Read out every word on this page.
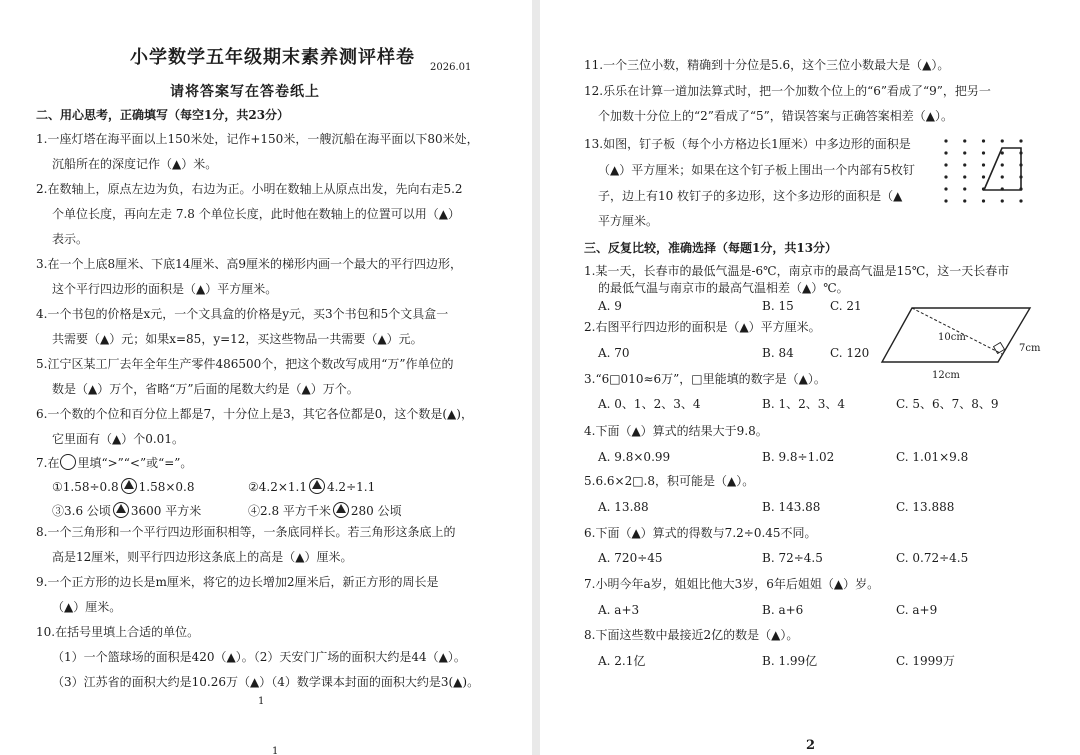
小学数学五年级期末素养测评样卷 2026.01
请将答案写在答卷纸上
二、用心思考，正确填写（每空1分，共23分）
1.一座灯塔在海平面以上150米处，记作+150米，一艘沉船在海平面以下80米处，
沉船所在的深度记作（▲）米。
2.在数轴上，原点左边为负，右边为正。小明在数轴上从原点出发，先向右走5.2
个单位长度，再向左走 7.8 个单位长度，此时他在数轴上的位置可以用（▲）
表示。
3.在一个上底8厘米、下底14厘米、高9厘米的梯形内画一个最大的平行四边形，
这个平行四边形的面积是（▲）平方厘米。
4.一个书包的价格是x元，一个文具盒的价格是y元，买3个书包和5个文具盒一
共需要（▲）元；如果x=85，y=12，买这些物品一共需要（▲）元。
5.江宁区某工厂去年全年生产零件486500个，把这个数改写成用“万”作单位的
数是（▲）万个，省略“万”后面的尾数大约是（▲）万个。
6.一个数的个位和百分位上都是7，十分位上是3，其它各位都是0，这个数是(▲)，
它里面有（▲）个0.01。
7.在 里填“>”“<”或“=”。
①1.58÷0.8 1.58×0.8	②4.2×1.1 4.2÷1.1
③3.6 公顷 3600 平方米	④2.8 平方千米 280 公顷
8.一个三角形和一个平行四边形面积相等，一条底同样长。若三角形这条底上的
高是12厘米，则平行四边形这条底上的高是（▲）厘米。
9.一个正方形的边长是m厘米，将它的边长增加2厘米后，新正方形的周长是
（▲）厘米。
10.在括号里填上合适的单位。
（1）一个篮球场的面积是420（▲）。（2）天安门广场的面积大约是44（▲）。
（3）江苏省的面积大约是10.26万（▲）（4）数学课本封面的面积大约是3(▲)。
1
1
11.一个三位小数，精确到十分位是5.6，这个三位小数最大是（▲）。
12.乐乐在计算一道加法算式时，把一个加数个位上的“6”看成了“9”，把另一
个加数十分位上的“2”看成了“5”，错误答案与正确答案相差（▲）。
13.如图，钉子板（每个小方格边长1厘米）中多边形的面积是
（▲）平方厘米；如果在这个钉子板上围出一个内部有5枚钉
子，边上有10 枚钉子的多边形，这个多边形的面积是（▲
平方厘米。
三、反复比较，准确选择（每题1分，共13分）
1.某一天，长春市的最低气温是-6℃，南京市的最高气温是15℃，这一天长春市
的最低气温与南京市的最高气温相差（▲）℃。
A. 9	B. 15	C. 21
2.右图平行四边形的面积是（▲）平方厘米。
A. 70	B. 84	C. 120
10cm
7cm
12cm
3.“6□010≈6万”，□里能填的数字是（▲）。
A. 0、1、2、3、4	B. 1、2、3、4	C. 5、6、7、8、9
4.下面（▲）算式的结果大于9.8。
A. 9.8×0.99	B. 9.8÷1.02	C. 1.01×9.8
5.6.6×2□.8，积可能是（▲）。
A. 13.88	B. 143.88	C. 13.888
6.下面（▲）算式的得数与7.2÷0.45不同。
A. 720÷45	B. 72÷4.5	C. 0.72÷4.5
7.小明今年a岁，姐姐比他大3岁，6年后姐姐（▲）岁。
A. a+3	B. a+6	C. a+9
8.下面这些数中最接近2亿的数是（▲）。
A. 2.1亿	B. 1.99亿	C. 1999万
2
